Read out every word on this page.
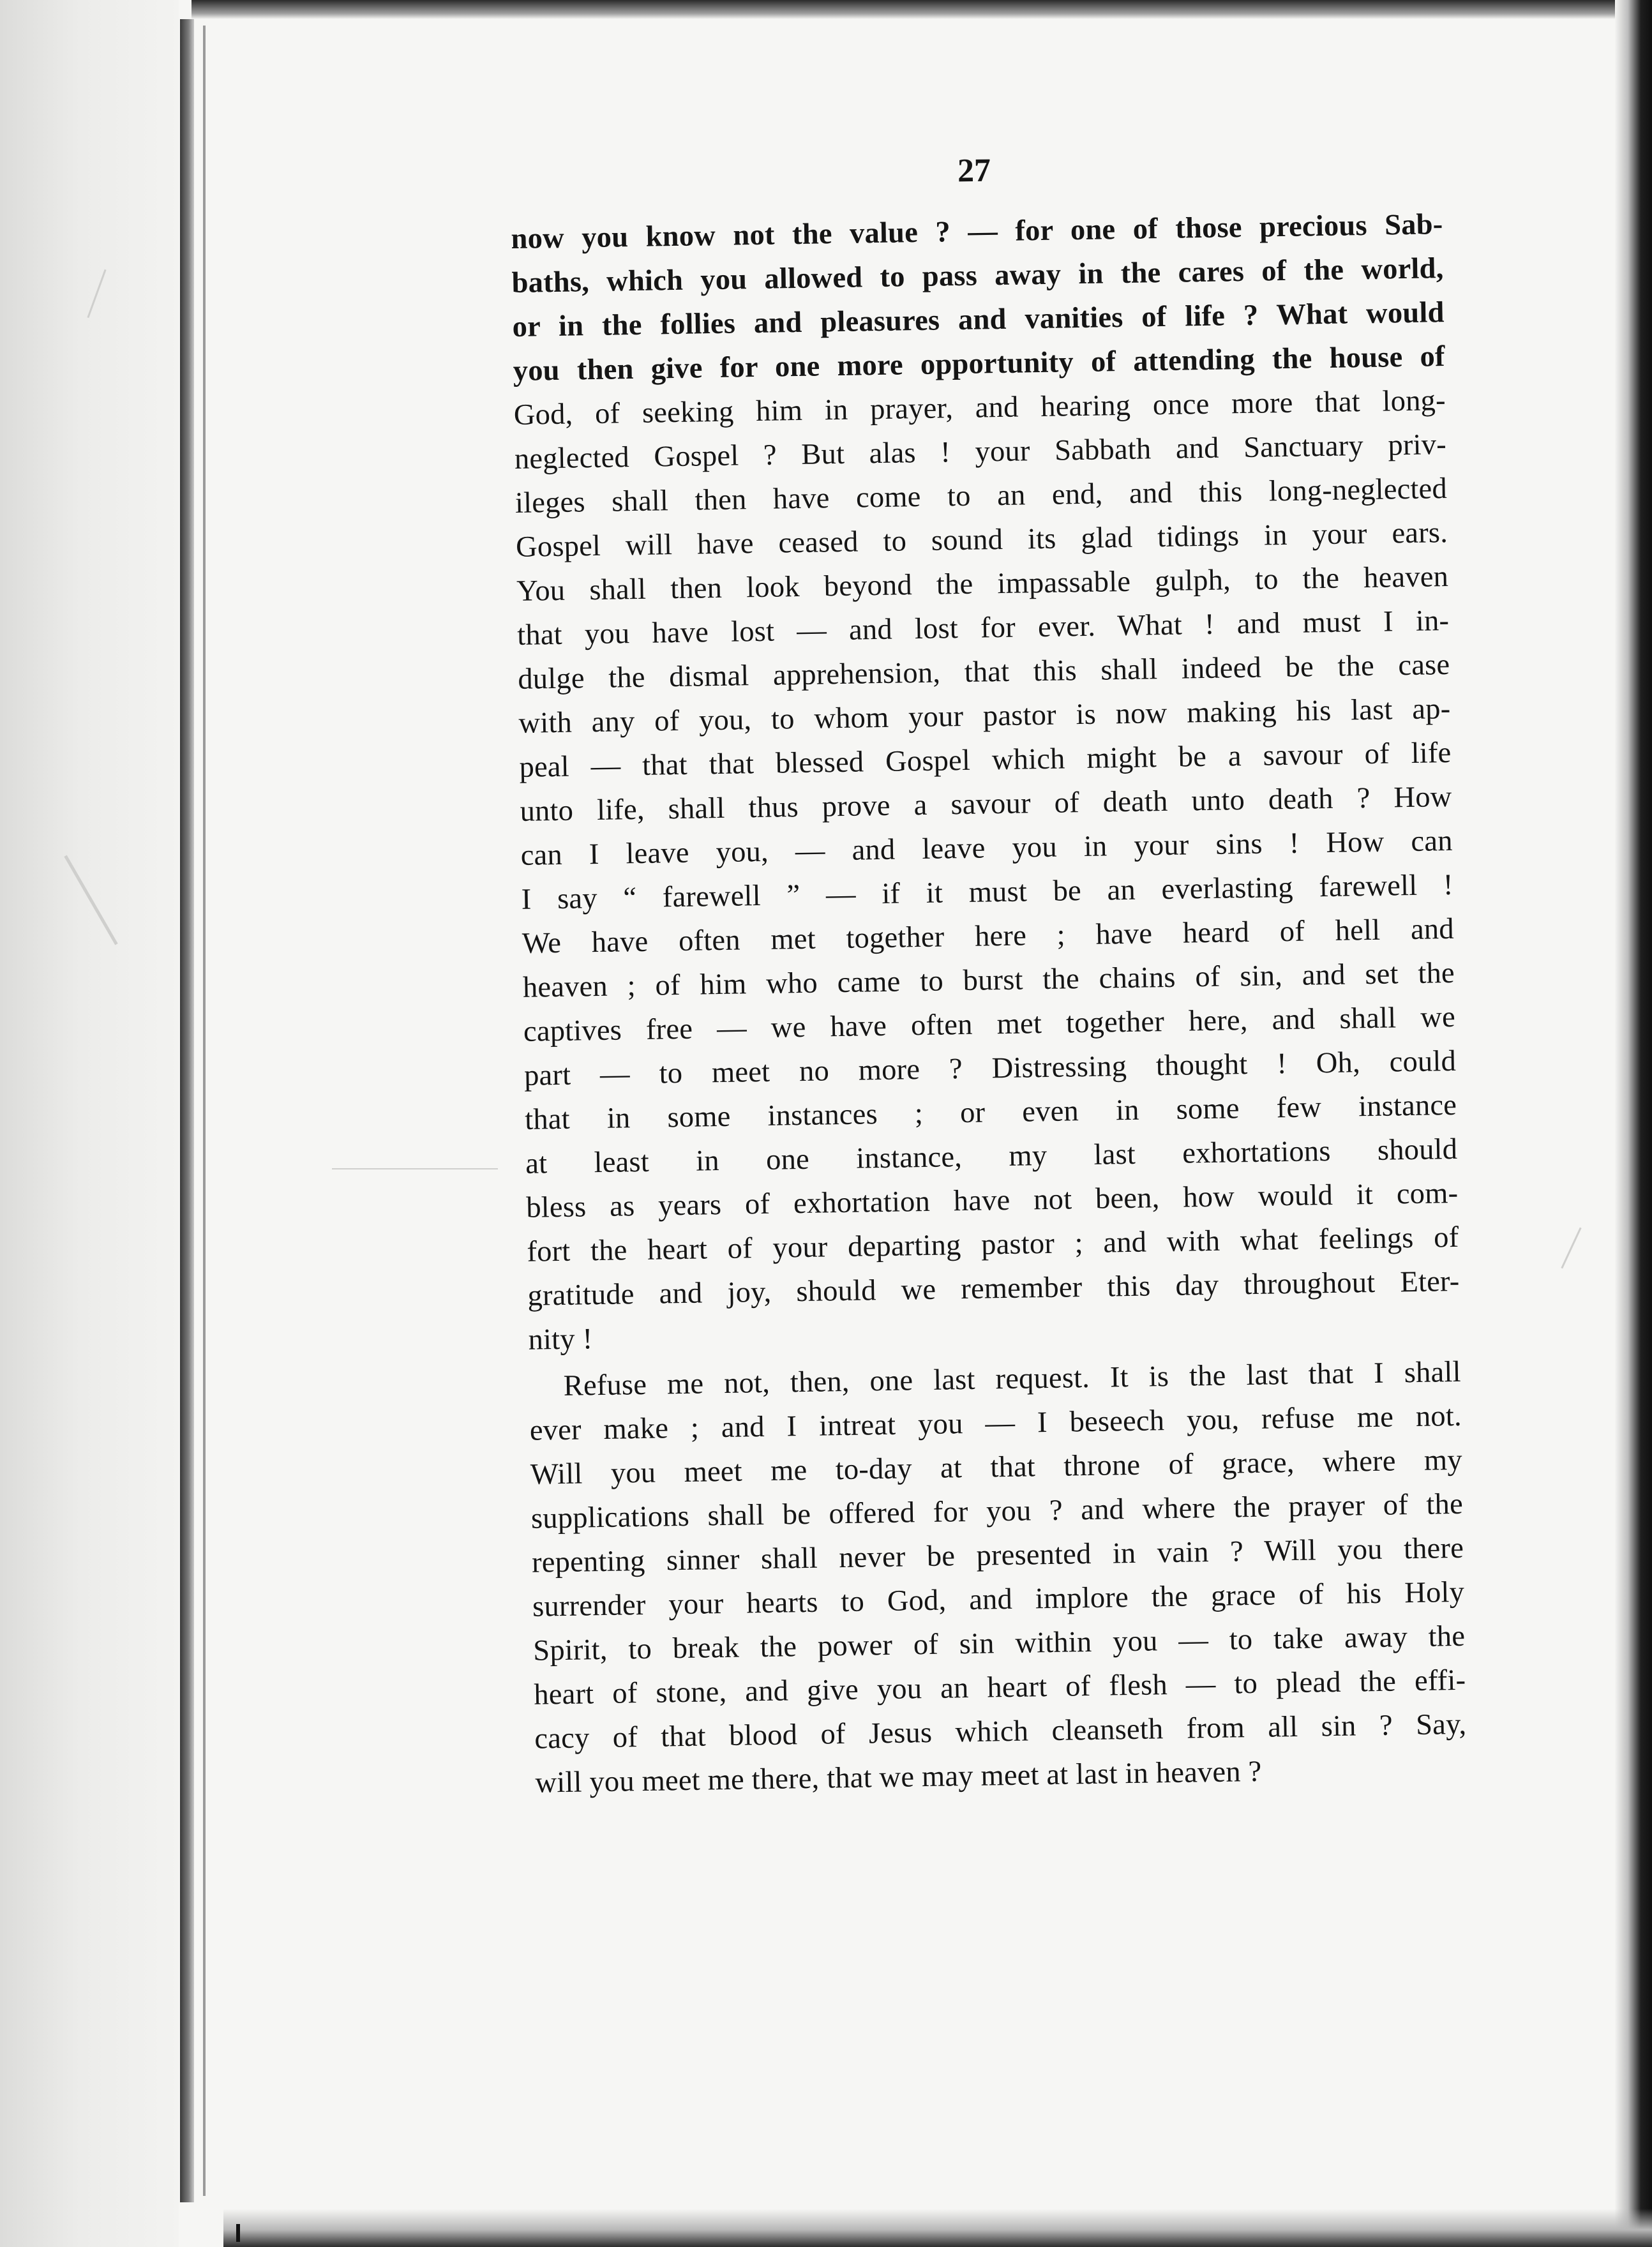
27
now you know not the value ? — for one of those precious Sab-
baths, which you allowed to pass away in the cares of the world,
or in the follies and pleasures and vanities of life ? What would
you then give for one more opportunity of attending the house of
God, of seeking him in prayer, and hearing once more that long-
neglected Gospel ? But alas ! your Sabbath and Sanctuary priv-
ileges shall then have come to an end, and this long-neglected
Gospel will have ceased to sound its glad tidings in your ears.
You shall then look beyond the impassable gulph, to the heaven
that you have lost — and lost for ever. What ! and must I in-
dulge the dismal apprehension, that this shall indeed be the case
with any of you, to whom your pastor is now making his last ap-
peal — that that blessed Gospel which might be a savour of life
unto life, shall thus prove a savour of death unto death ? How
can I leave you, — and leave you in your sins ! How can
I say “ farewell ” — if it must be an everlasting farewell !
We have often met together here ; have heard of hell and
heaven ; of him who came to burst the chains of sin, and set the
captives free — we have often met together here, and shall we
part — to meet no more ? Distressing thought ! Oh, could
that in some instances ; or even in some few instance
at least in one instance, my last exhortations should
bless as years of exhortation have not been, how would it com-
fort the heart of your departing pastor ; and with what feelings of
gratitude and joy, should we remember this day throughout Eter-
nity !
Refuse me not, then, one last request. It is the last that I shall
ever make ; and I intreat you — I beseech you, refuse me not.
Will you meet me to-day at that throne of grace, where my
supplications shall be offered for you ? and where the prayer of the
repenting sinner shall never be presented in vain ? Will you there
surrender your hearts to God, and implore the grace of his Holy
Spirit, to break the power of sin within you — to take away the
heart of stone, and give you an heart of flesh — to plead the effi-
cacy of that blood of Jesus which cleanseth from all sin ? Say,
will you meet me there, that we may meet at last in heaven ?
